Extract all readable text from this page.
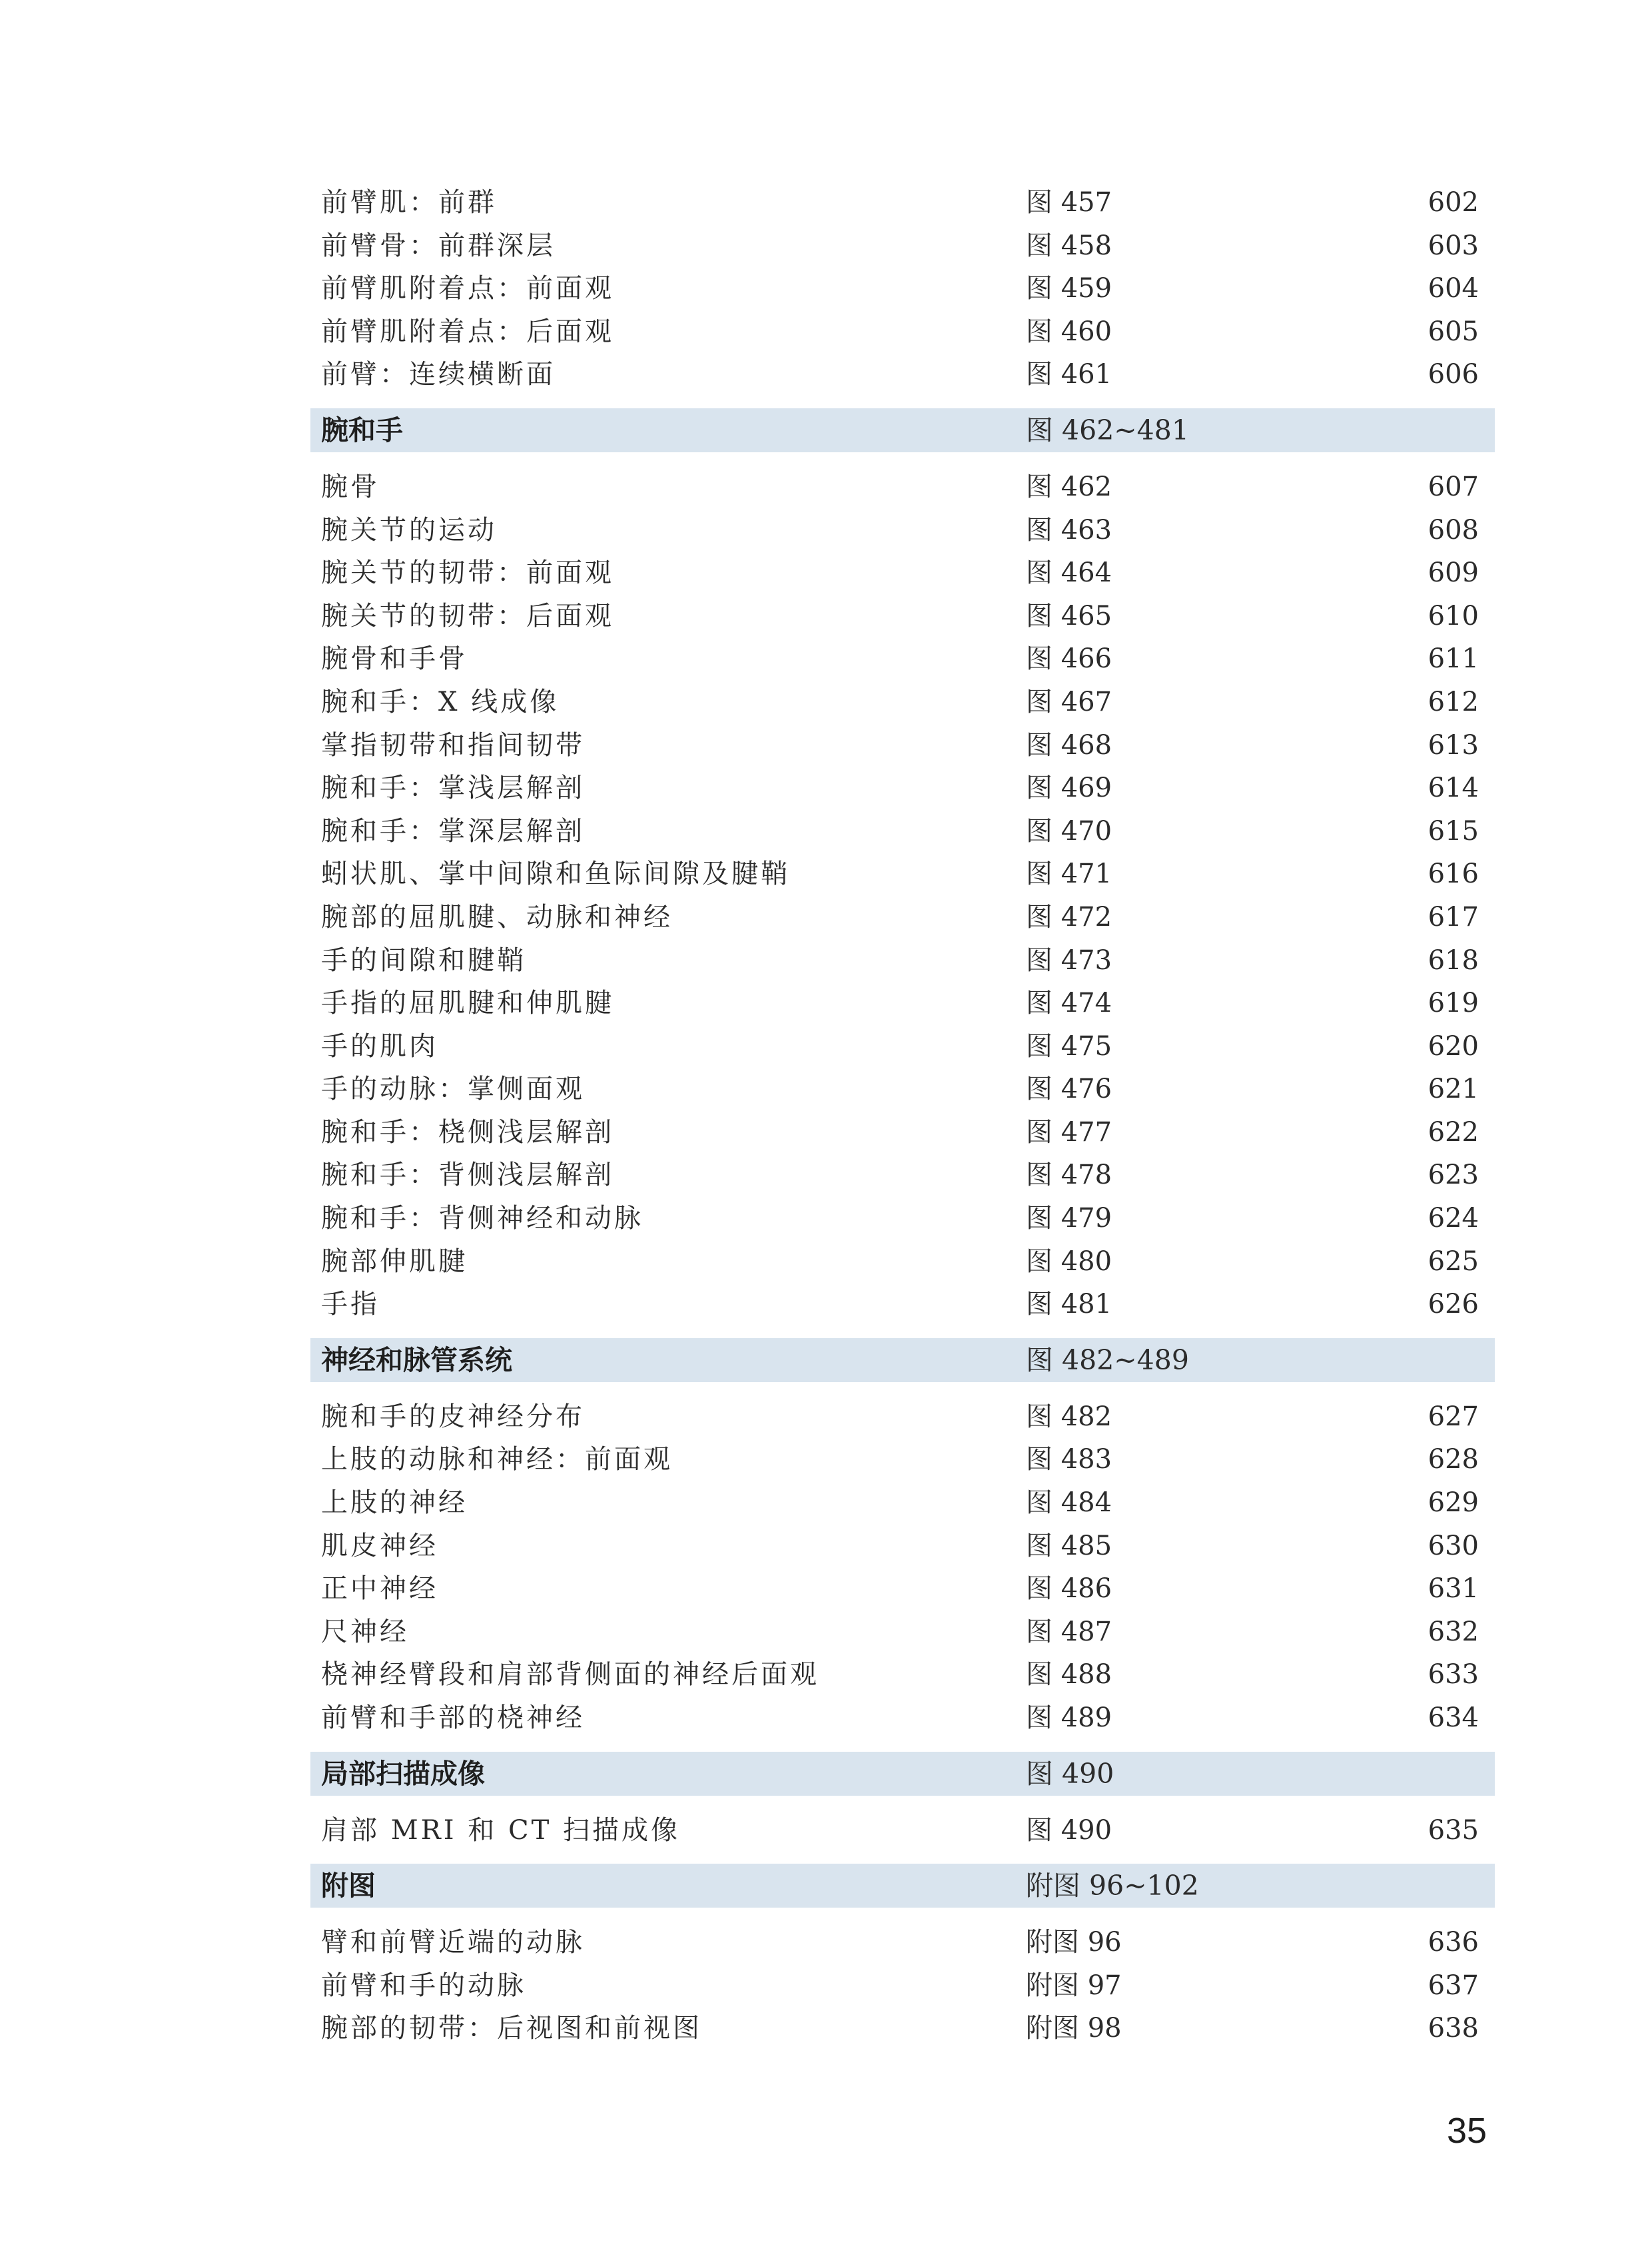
前臂肌：前群	图 457	602
前臂骨：前群深层	图 458	603
前臂肌附着点：前面观	图 459	604
前臂肌附着点：后面观	图 460	605
前臂：连续横断面	图 461	606
腕和手	图 462~481
腕骨	图 462	607
腕关节的运动	图 463	608
腕关节的韧带：前面观	图 464	609
腕关节的韧带：后面观	图 465	610
腕骨和手骨	图 466	611
腕和手：X 线成像	图 467	612
掌指韧带和指间韧带	图 468	613
腕和手：掌浅层解剖	图 469	614
腕和手：掌深层解剖	图 470	615
蚓状肌、掌中间隙和鱼际间隙及腱鞘	图 471	616
腕部的屈肌腱、动脉和神经	图 472	617
手的间隙和腱鞘	图 473	618
手指的屈肌腱和伸肌腱	图 474	619
手的肌肉	图 475	620
手的动脉：掌侧面观	图 476	621
腕和手：桡侧浅层解剖	图 477	622
腕和手：背侧浅层解剖	图 478	623
腕和手：背侧神经和动脉	图 479	624
腕部伸肌腱	图 480	625
手指	图 481	626
神经和脉管系统	图 482~489
腕和手的皮神经分布	图 482	627
上肢的动脉和神经：前面观	图 483	628
上肢的神经	图 484	629
肌皮神经	图 485	630
正中神经	图 486	631
尺神经	图 487	632
桡神经臂段和肩部背侧面的神经后面观	图 488	633
前臂和手部的桡神经	图 489	634
局部扫描成像	图 490
肩部 MRI 和 CT 扫描成像	图 490	635
附图	附图 96~102
臂和前臂近端的动脉	附图 96	636
前臂和手的动脉	附图 97	637
腕部的韧带：后视图和前视图	附图 98	638
35
